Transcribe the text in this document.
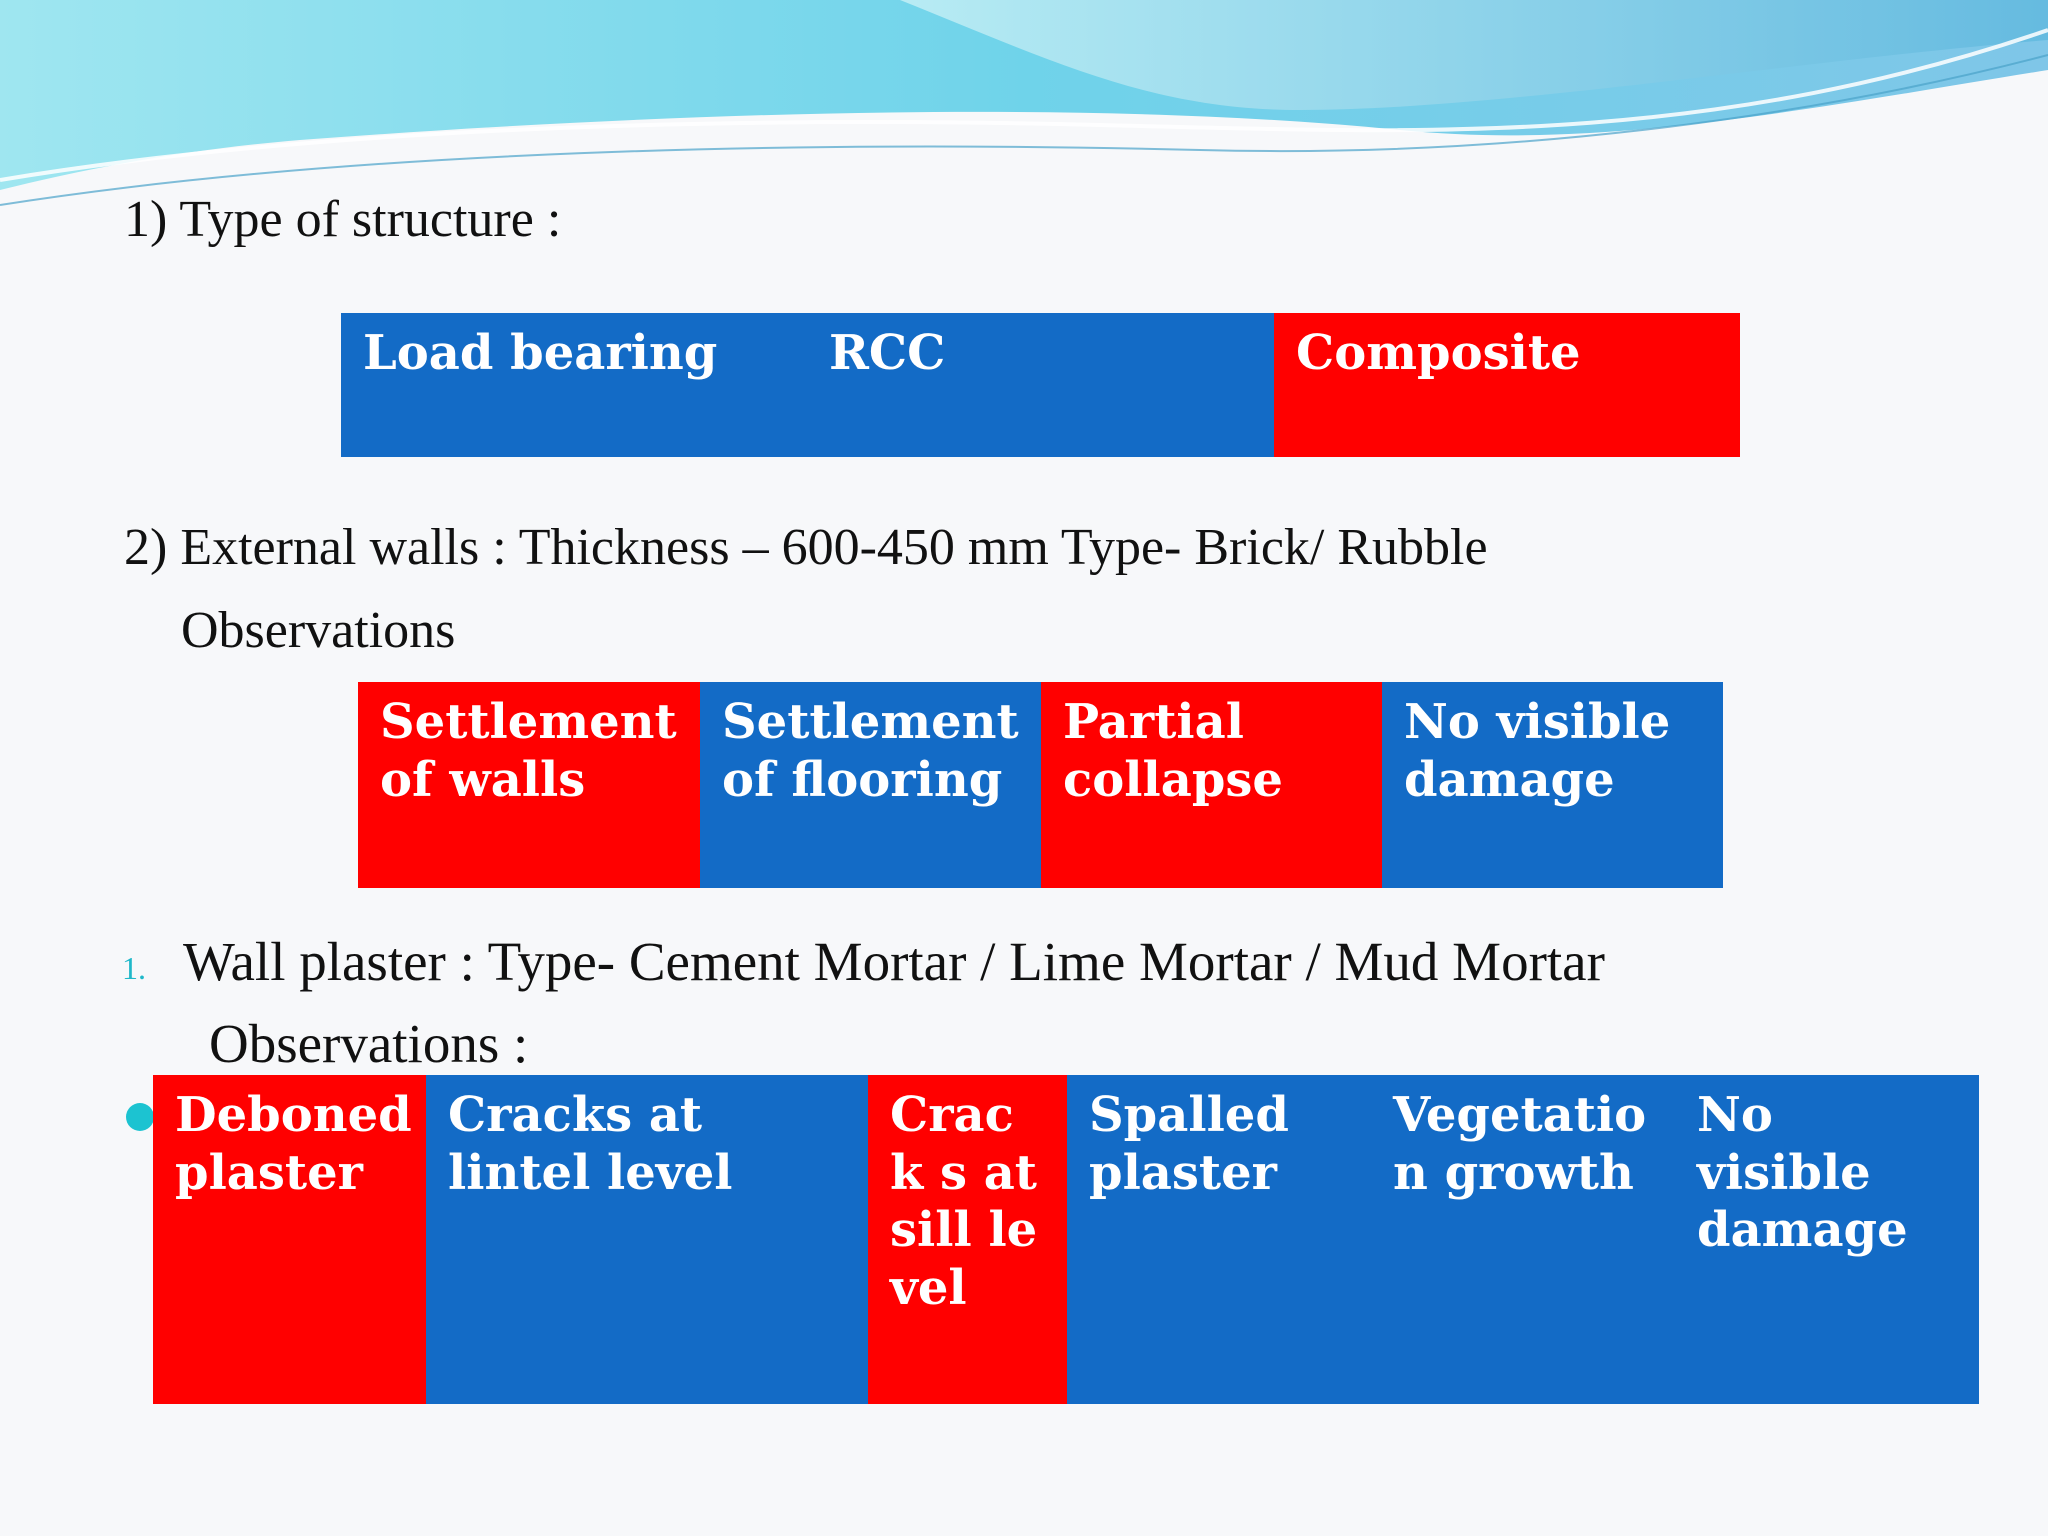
1) Type of structure :
Load bearing	RCC	Composite
2) External walls : Thickness – 600-450 mm Type- Brick/ Rubble
Observations
Settlement of walls
Settlement of flooring
Partial collapse
No visible damage
1. Wall plaster : Type- Cement Mortar / Lime Mortar / Mud Mortar
Observations :
Deboned plaster
Cracks at lintel level
Crack s at sill level
Spalled plaster
Vegetatio n growth
No visible damage
